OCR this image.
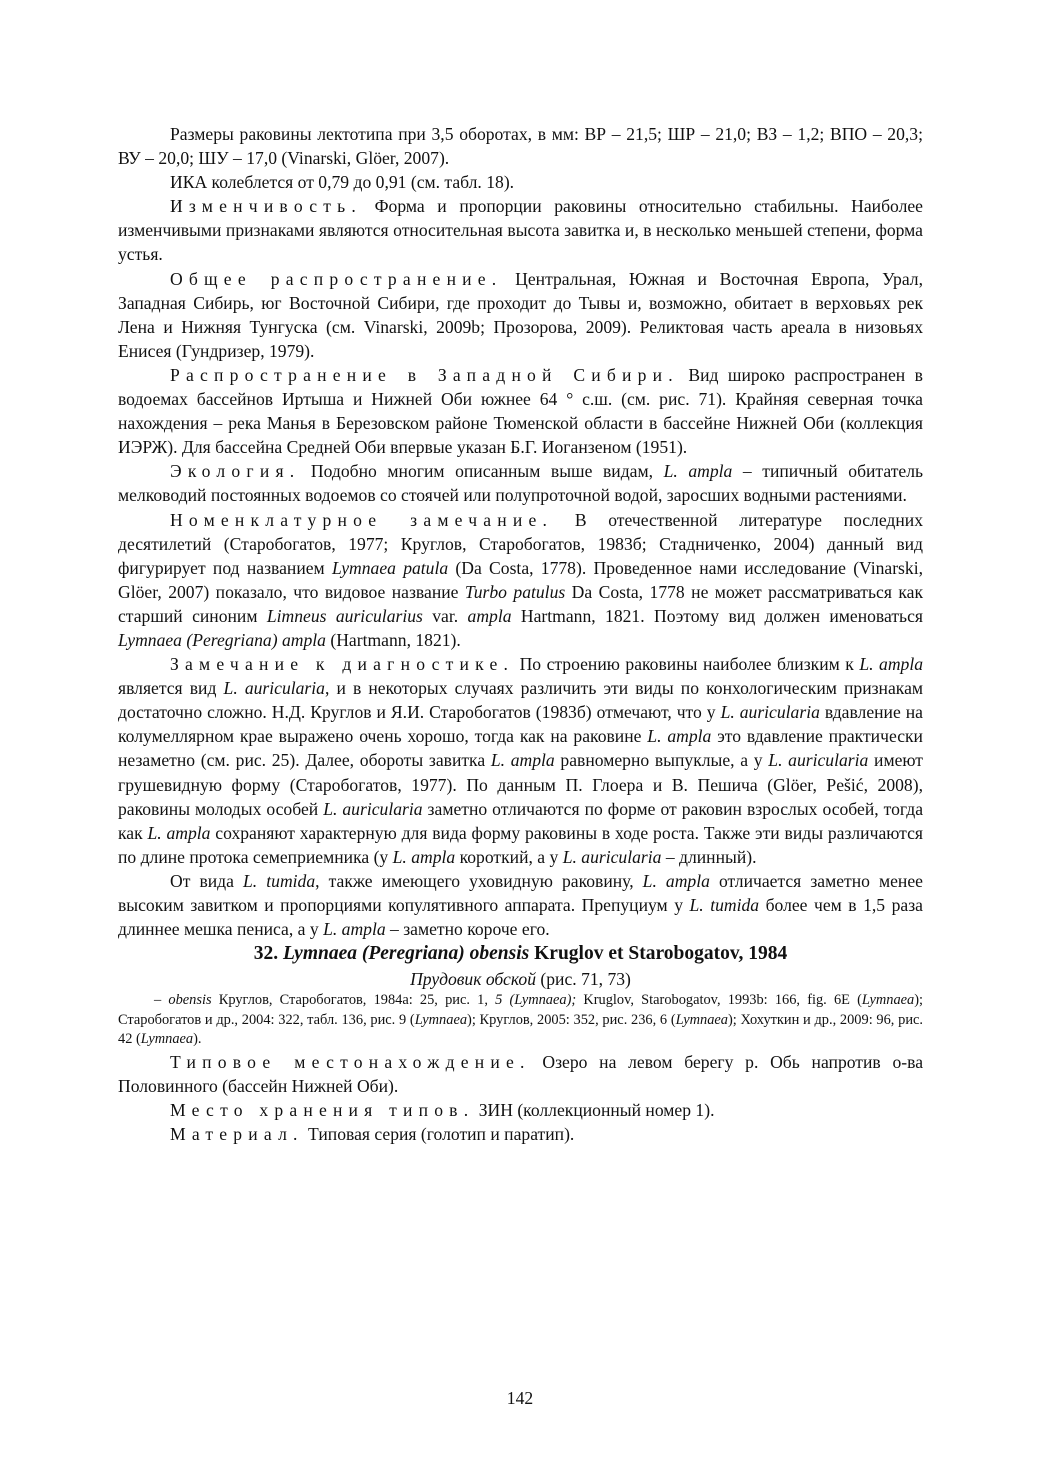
Размеры раковины лектотипа при 3,5 оборотах, в мм: ВР – 21,5; ШР – 21,0; ВЗ – 1,2; ВПО – 20,3; ВУ – 20,0; ШУ – 17,0 (Vinarski, Glöer, 2007).

ИКА колеблется от 0,79 до 0,91 (см. табл. 18).

Изменчивость. Форма и пропорции раковины относительно стабильны. Наиболее изменчивыми признаками являются относительная высота завитка и, в несколько меньшей степени, форма устья.

Общее распространение. Центральная, Южная и Восточная Европа, Урал, Западная Сибирь, юг Восточной Сибири, где проходит до Тывы и, возможно, обитает в верховьях рек Лена и Нижняя Тунгуска (см. Vinarski, 2009b; Прозорова, 2009). Реликтовая часть ареала в низовьях Енисея (Гундризер, 1979).

Распространение в Западной Сибири. Вид широко распространен в водоемах бассейнов Иртыша и Нижней Оби южнее 64 ° с.ш. (см. рис. 71). Крайняя северная точка нахождения – река Манья в Березовском районе Тюменской области в бассейне Нижней Оби (коллекция ИЭРЖ). Для бассейна Средней Оби впервые указан Б.Г. Иоганзеном (1951).

Экология. Подобно многим описанным выше видам, L. ampla – типичный обитатель мелководий постоянных водоемов со стоячей или полупроточной водой, заросших водными растениями.

Номенклатурное замечание. В отечественной литературе последних десятилетий (Старобогатов, 1977; Круглов, Старобогатов, 1983б; Стадниченко, 2004) данный вид фигурирует под названием Lymnaea patula (Da Costa, 1778). Проведенное нами исследование (Vinarski, Glöer, 2007) показало, что видовое название Turbo patulus Da Costa, 1778 не может рассматриваться как старший синоним Limneus auricularius var. ampla Hartmann, 1821. Поэтому вид должен именоваться Lymnaea (Peregriana) ampla (Hartmann, 1821).

Замечание к диагностике. По строению раковины наиболее близким к L. ampla является вид L. auricularia, и в некоторых случаях различить эти виды по конхологическим признакам достаточно сложно. Н.Д. Круглов и Я.И. Старобогатов (1983б) отмечают, что у L. auricularia вдавление на колумеллярном крае выражено очень хорошо, тогда как на раковине L. ampla это вдавление практически незаметно (см. рис. 25). Далее, обороты завитка L. ampla равномерно выпуклые, а у L. auricularia имеют грушевидную форму (Старобогатов, 1977). По данным П. Глоера и В. Пешича (Glöer, Pešić, 2008), раковины молодых особей L. auricularia заметно отличаются по форме от раковин взрослых особей, тогда как L. ampla сохраняют характерную для вида форму раковины в ходе роста. Также эти виды различаются по длине протока семеприемника (у L. ampla короткий, а у L. auricularia – длинный).

От вида L. tumida, также имеющего уховидную раковину, L. ampla отличается заметно менее высоким завитком и пропорциями копулятивного аппарата. Препуциум у L. tumida более чем в 1,5 раза длиннее мешка пениса, а у L. ampla – заметно короче его.

32. Lymnaea (Peregriana) obensis Kruglov et Starobogatov, 1984

Прудовик обской (рис. 71, 73)

– obensis Круглов, Старобогатов, 1984а: 25, рис. 1, 5 (Lymnaea); Kruglov, Starobogatov, 1993b: 166, fig. 6E (Lymnaea); Старобогатов и др., 2004: 322, табл. 136, рис. 9 (Lymnaea); Круглов, 2005: 352, рис. 236, 6 (Lymnaea); Хохуткин и др., 2009: 96, рис. 42 (Lymnaea).

Типовое местонахождение. Озеро на левом берегу р. Обь напротив о-ва Половинного (бассейн Нижней Оби).

Место хранения типов. ЗИН (коллекционный номер 1).

Материал. Типовая серия (голотип и паратип).

142
